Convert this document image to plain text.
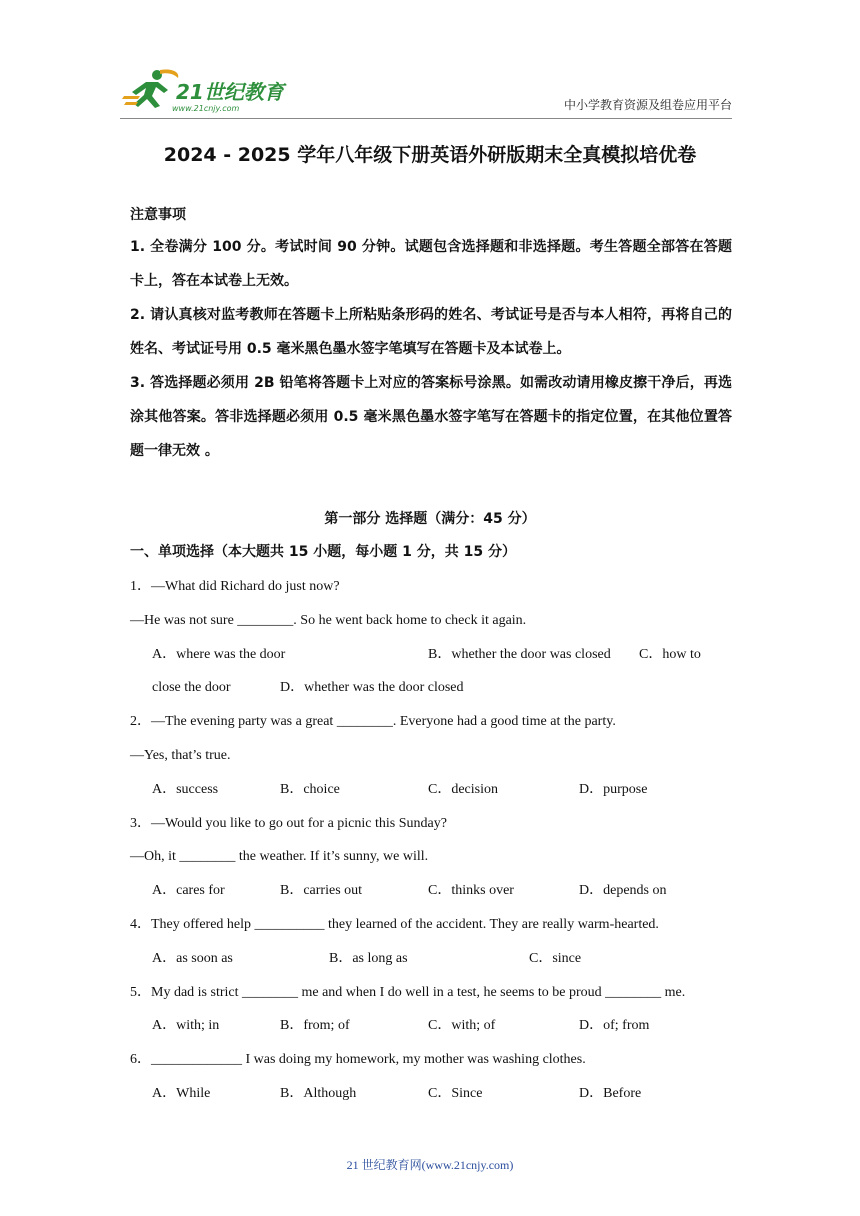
21世纪教育
www.21cnjy.com	中小学教育资源及组卷应用平台
2024 - 2025 学年八年级下册英语外研版期末全真模拟培优卷
注意事项

1. 全卷满分 100 分。考试时间 90 分钟。试题包含选择题和非选择题。考生答题全部答在答题卡上，答在本试卷上无效。

2. 请认真核对监考教师在答题卡上所粘贴条形码的姓名、考试证号是否与本人相符，再将自己的姓名、考试证号用 0.5 毫米黑色墨水签字笔填写在答题卡及本试卷上。

3. 答选择题必须用 2B 铅笔将答题卡上对应的答案标号涂黑。如需改动请用橡皮擦干净后，再选涂其他答案。答非选择题必须用 0.5 毫米黑色墨水签字笔写在答题卡的指定位置，在其他位置答题一律无效 。

第一部分 选择题（满分：45 分）
一、单项选择（本大题共 15 小题，每小题 1 分，共 15 分）
1．—What did Richard do just now?
—He was not sure ________. So he went back home to check it again.
A．where was the door	B．whether the door was closed C．how to
close the door	D．whether was the door closed
2．—The evening party was a great ________. Everyone had a good time at the party.
—Yes, that’s true.
A．success	B．choice	C．decision	D．purpose
3．—Would you like to go out for a picnic this Sunday?
—Oh, it ________ the weather. If it’s sunny, we will.
A．cares for	B．carries out	C．thinks over	D．depends on
4．They offered help __________ they learned of the accident. They are really warm-hearted.
A．as soon as	B．as long as	C．since
5．My dad is strict ________ me and when I do well in a test, he seems to be proud ________ me.
A．with; in	B．from; of	C．with; of	D．of; from
6．_____________ I was doing my homework, my mother was washing clothes.
A．While	B．Although	C．Since	D．Before
21 世纪教育网(www.21cnjy.com)
